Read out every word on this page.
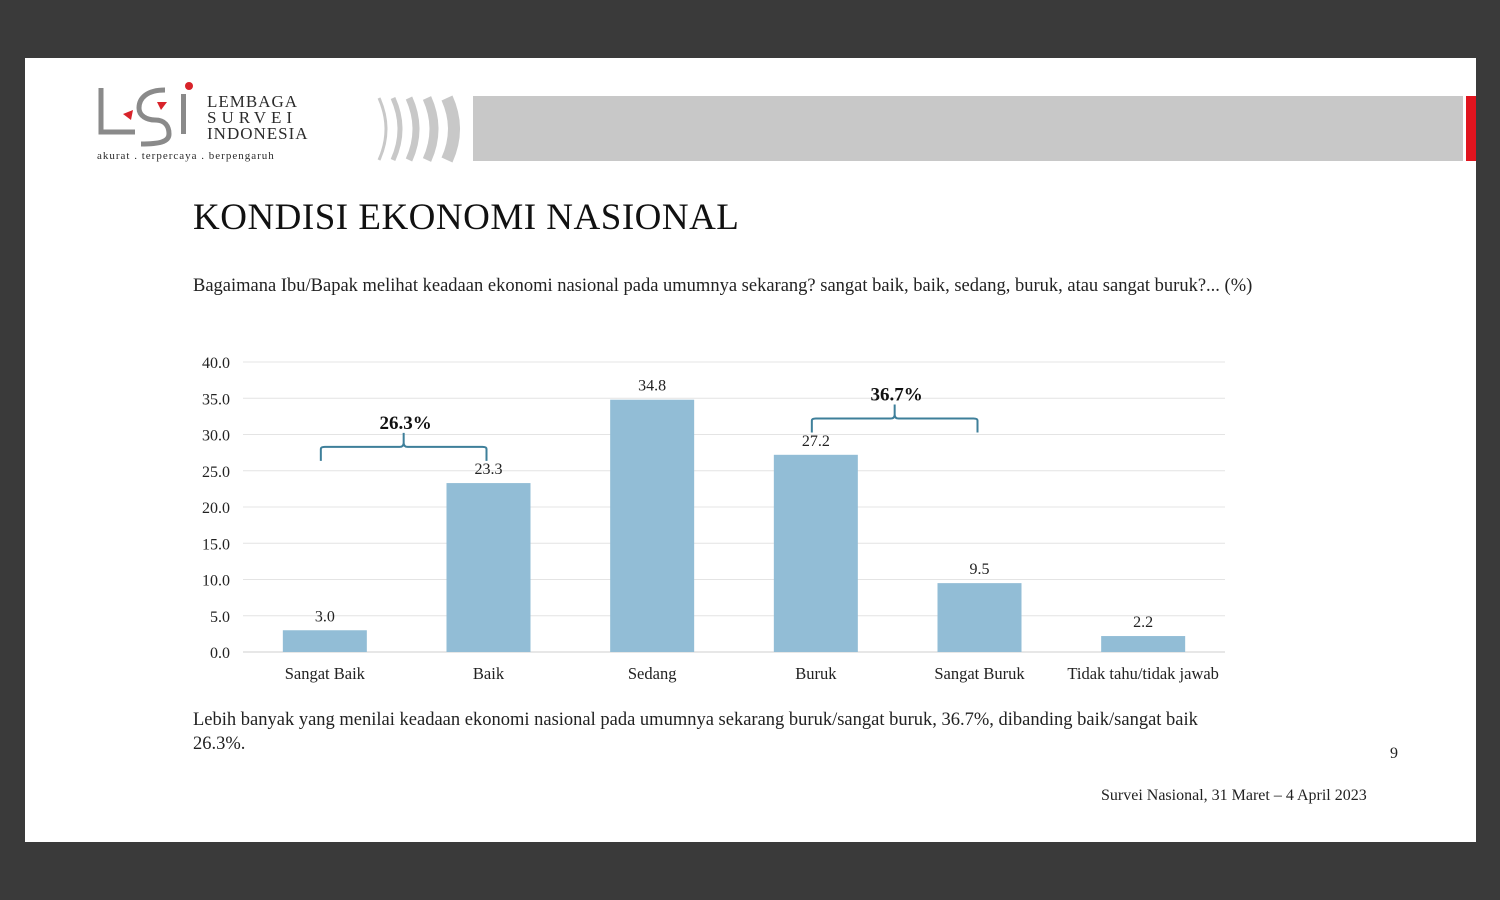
LEMBAGA
SURVEI
INDONESIA
akurat . terpercaya . berpengaruh
KONDISI EKONOMI NASIONAL
Bagaimana Ibu/Bapak melihat keadaan ekonomi nasional pada umumnya sekarang? sangat baik, baik, sedang, buruk, atau sangat buruk?... (%)
0.0
5.0
10.0
15.0
20.0
25.0
30.0
35.0
40.0
3.0
Sangat Baik
23.3
Baik
34.8
Sedang
27.2
Buruk
9.5
Sangat Buruk
2.2
Tidak tahu/tidak jawab
26.3%
36.7%
Lebih banyak yang menilai keadaan ekonomi nasional pada umumnya sekarang buruk/sangat buruk, 36.7%, dibanding baik/sangat baik 26.3%.	9
Survei Nasional, 31 Maret – 4 April 2023
